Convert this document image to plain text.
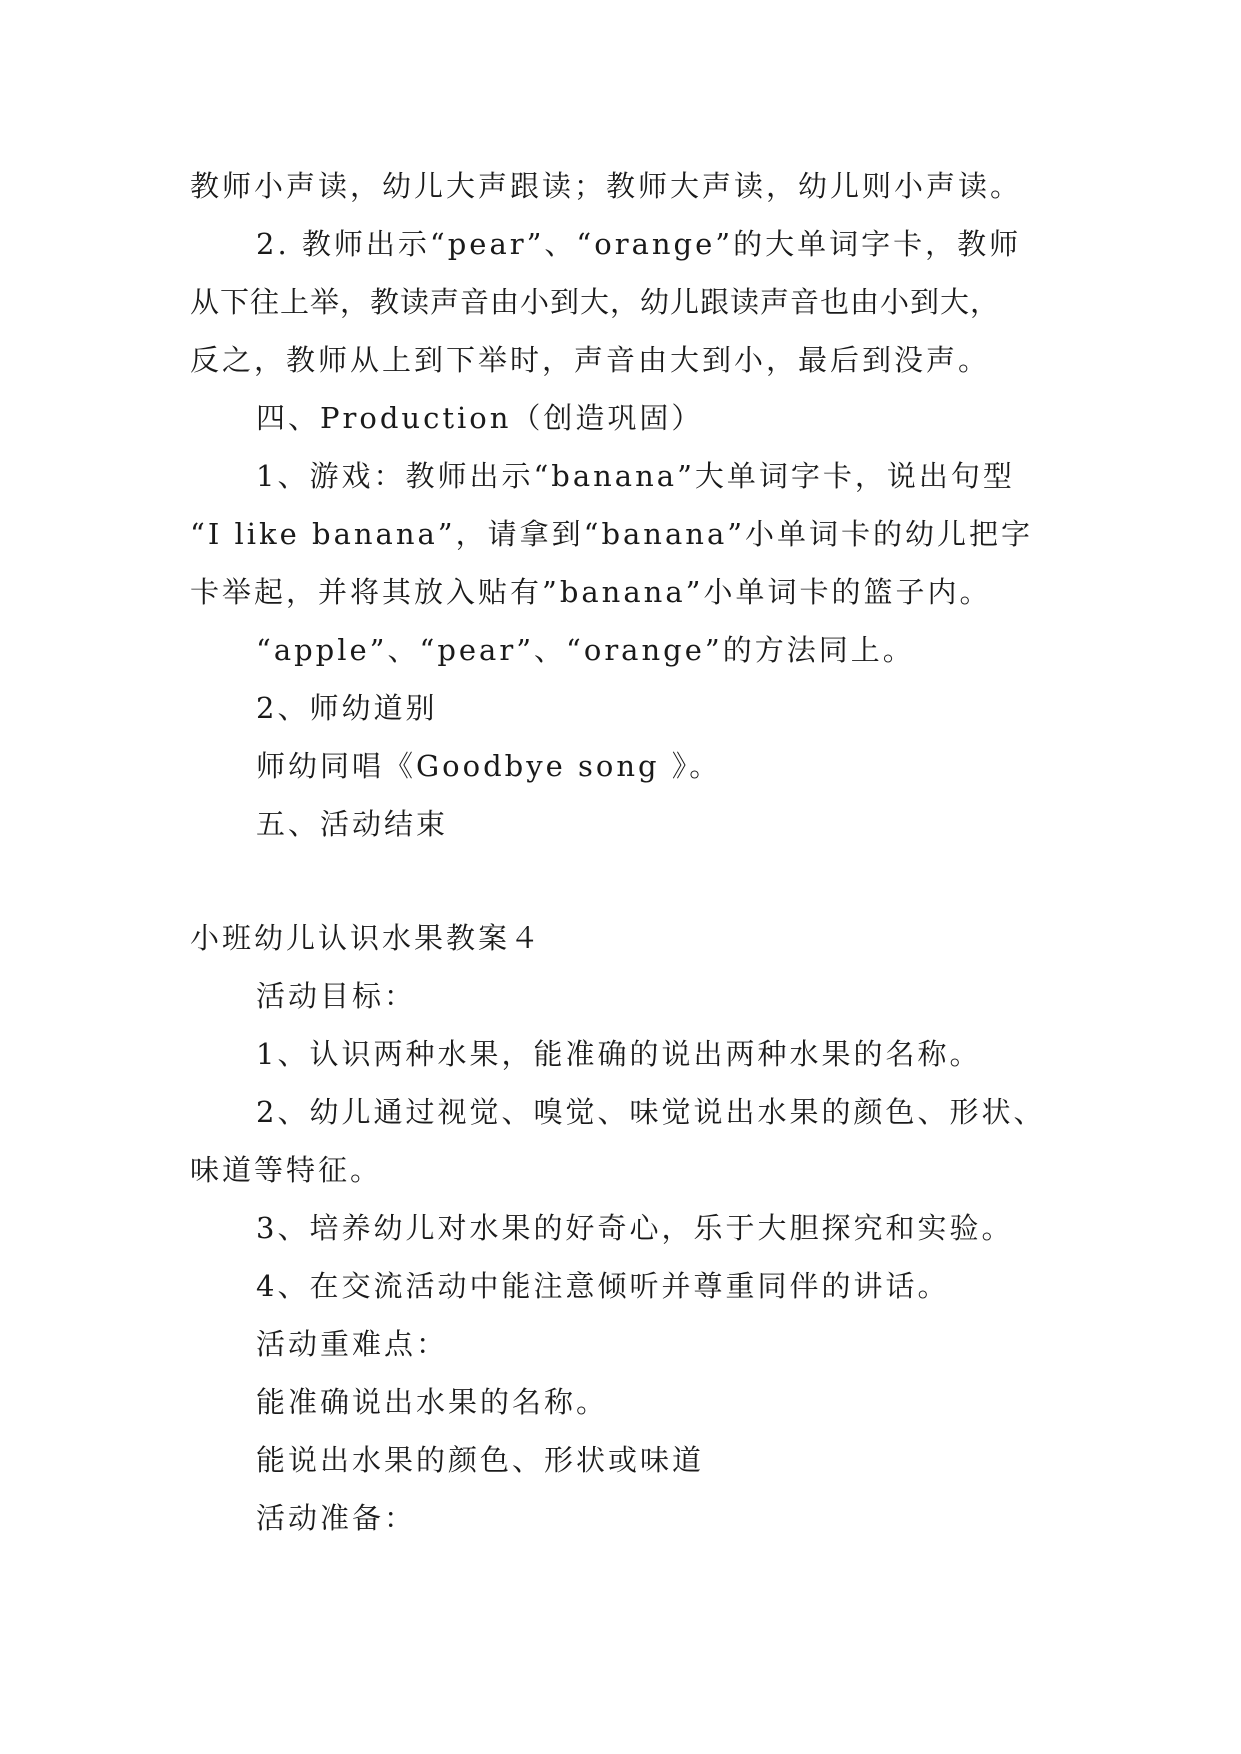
教师小声读，幼儿大声跟读；教师大声读，幼儿则小声读。
2. 教师出示“pear”、“orange”的大单词字卡，教师
从下往上举，教读声音由小到大，幼儿跟读声音也由小到大，
反之，教师从上到下举时，声音由大到小，最后到没声。
四、Production（创造巩固）
1、游戏：教师出示“banana”大单词字卡，说出句型
“I like banana”，请拿到“banana”小单词卡的幼儿把字
卡举起，并将其放入贴有”banana”小单词卡的篮子内。
“apple”、“pear”、“orange”的方法同上。
2、师幼道别
师幼同唱《Goodbye song 》。
五、活动结束
小班幼儿认识水果教案４
活动目标：
1、认识两种水果，能准确的说出两种水果的名称。
2、幼儿通过视觉、嗅觉、味觉说出水果的颜色、形状、
味道等特征。
3、培养幼儿对水果的好奇心，乐于大胆探究和实验。
4、在交流活动中能注意倾听并尊重同伴的讲话。
活动重难点：
能准确说出水果的名称。
能说出水果的颜色、形状或味道
活动准备：
